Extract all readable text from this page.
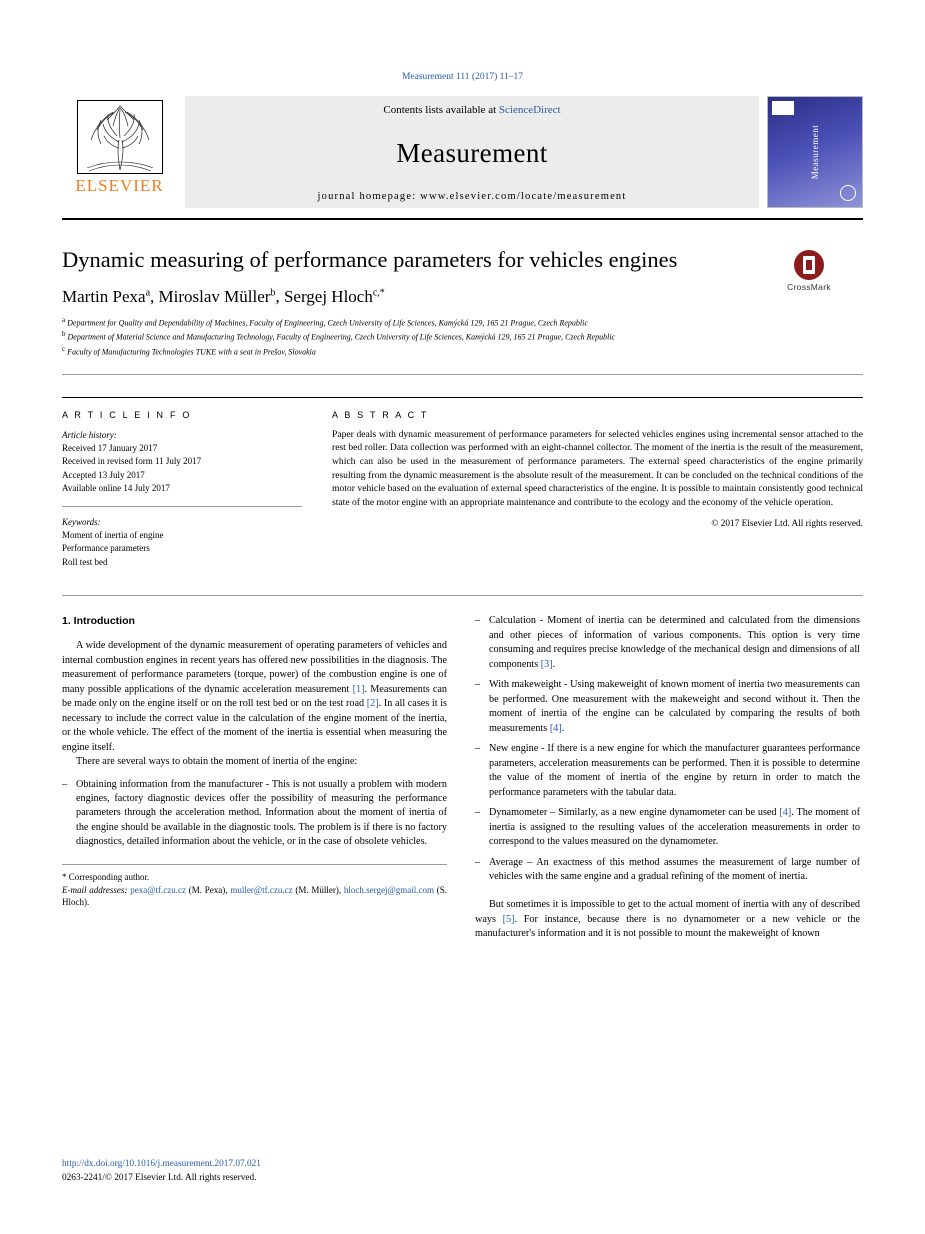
Measurement 111 (2017) 11–17
ELSEVIER
Contents lists available at ScienceDirect
Measurement
journal homepage: www.elsevier.com/locate/measurement
Measurement
Dynamic measuring of performance parameters for vehicles engines
CrossMark
Martin Pexa$^a$, Miroslav Müller$^b$, Sergej Hloch$^{c,*}$
$^a$ Department for Quality and Dependability of Machines, Faculty of Engineering, Czech University of Life Sciences, Kamýcká 129, 165 21 Prague, Czech Republic
$^b$ Department of Material Science and Manufacturing Technology, Faculty of Engineering, Czech University of Life Sciences, Kamýcká 129, 165 21 Prague, Czech Republic
$^c$ Faculty of Manufacturing Technologies TUKE with a seat in Prešov, Slovakia
A R T I C L E I N F O
Article history:
Received 17 January 2017
Received in revised form 11 July 2017
Accepted 13 July 2017
Available online 14 July 2017
Keywords:
Moment of inertia of engine
Performance parameters
Roll test bed
A B S T R A C T
Paper deals with dynamic measurement of performance parameters for selected vehicles engines using incremental sensor attached to the rest bed roller. Data collection was performed with an eight-channel collector. The moment of the inertia is the result of the measurement, which can also be used in the measurement of performance parameters. The external speed characteristics of the engine primarily resulting from the dynamic measurement is the absolute result of the measurement. It can be concluded on the technical conditions of the motor vehicle based on the evaluation of external speed characteristics of the engine. It is possible to maintain consistently good technical state of the motor engine with an appropriate maintenance and contribute to the ecology and the economy of the vehicle operation.
© 2017 Elsevier Ltd. All rights reserved.
1. Introduction

A wide development of the dynamic measurement of operating parameters of vehicles and internal combustion engines in recent years has offered new possibilities in the diagnosis. The measurement of performance parameters (torque, power) of the combustion engine is one of many possible applications of the dynamic acceleration measurement [1]. Measurements can be made only on the engine itself or on the roll test bed or on the test road [2]. In all cases it is necessary to include the correct value in the calculation of the engine moment of the inertia, or the whole vehicle. The effect of the moment of the inertia is essential when measuring the engine itself.

There are several ways to obtain the moment of inertia of the engine:

– Obtaining information from the manufacturer - This is not usually a problem with modern engines, factory diagnostic devices offer the possibility of measuring the performance parameters through the acceleration method. Information about the moment of inertia of the engine should be available in the diagnostic tools. The problem is if there is no factory diagnostics, detailed information about the vehicle, or in the case of obsolete vehicles.
* Corresponding author.
E-mail addresses: pexa@tf.czu.cz (M. Pexa), muller@tf.czu.cz (M. Müller), hloch.sergej@gmail.com (S. Hloch).
– Calculation - Moment of inertia can be determined and calculated from the dimensions and other pieces of information of various components. This option is very time consuming and requires precise knowledge of the mechanical design and dimensions of all components [3].
– With makeweight - Using makeweight of known moment of inertia two measurements can be performed. One measurement with the makeweight and second without it. Then the moment of inertia of the engine can be calculated by comparing the results of both measurements [4].
– New engine - If there is a new engine for which the manufacturer guarantees performance parameters, acceleration measurements can be performed. Then it is possible to determine the value of the moment of inertia of the engine by return in order to match the performance parameters with the tabular data.
– Dynamometer – Similarly, as a new engine dynamometer can be used [4]. The moment of inertia is assigned to the resulting values of the acceleration measurements in order to correspond to the values measured on the dynamometer.
– Average – An exactness of this method assumes the measurement of large number of vehicles with the same engine and a gradual refining of the moment of inertia.

But sometimes it is impossible to get to the actual moment of inertia with any of described ways [5]. For instance, because there is no dynamometer or a new vehicle or the manufacturer's information and it is not possible to mount the makeweight of known

http://dx.doi.org/10.1016/j.measurement.2017.07.021
0263-2241/© 2017 Elsevier Ltd. All rights reserved.
